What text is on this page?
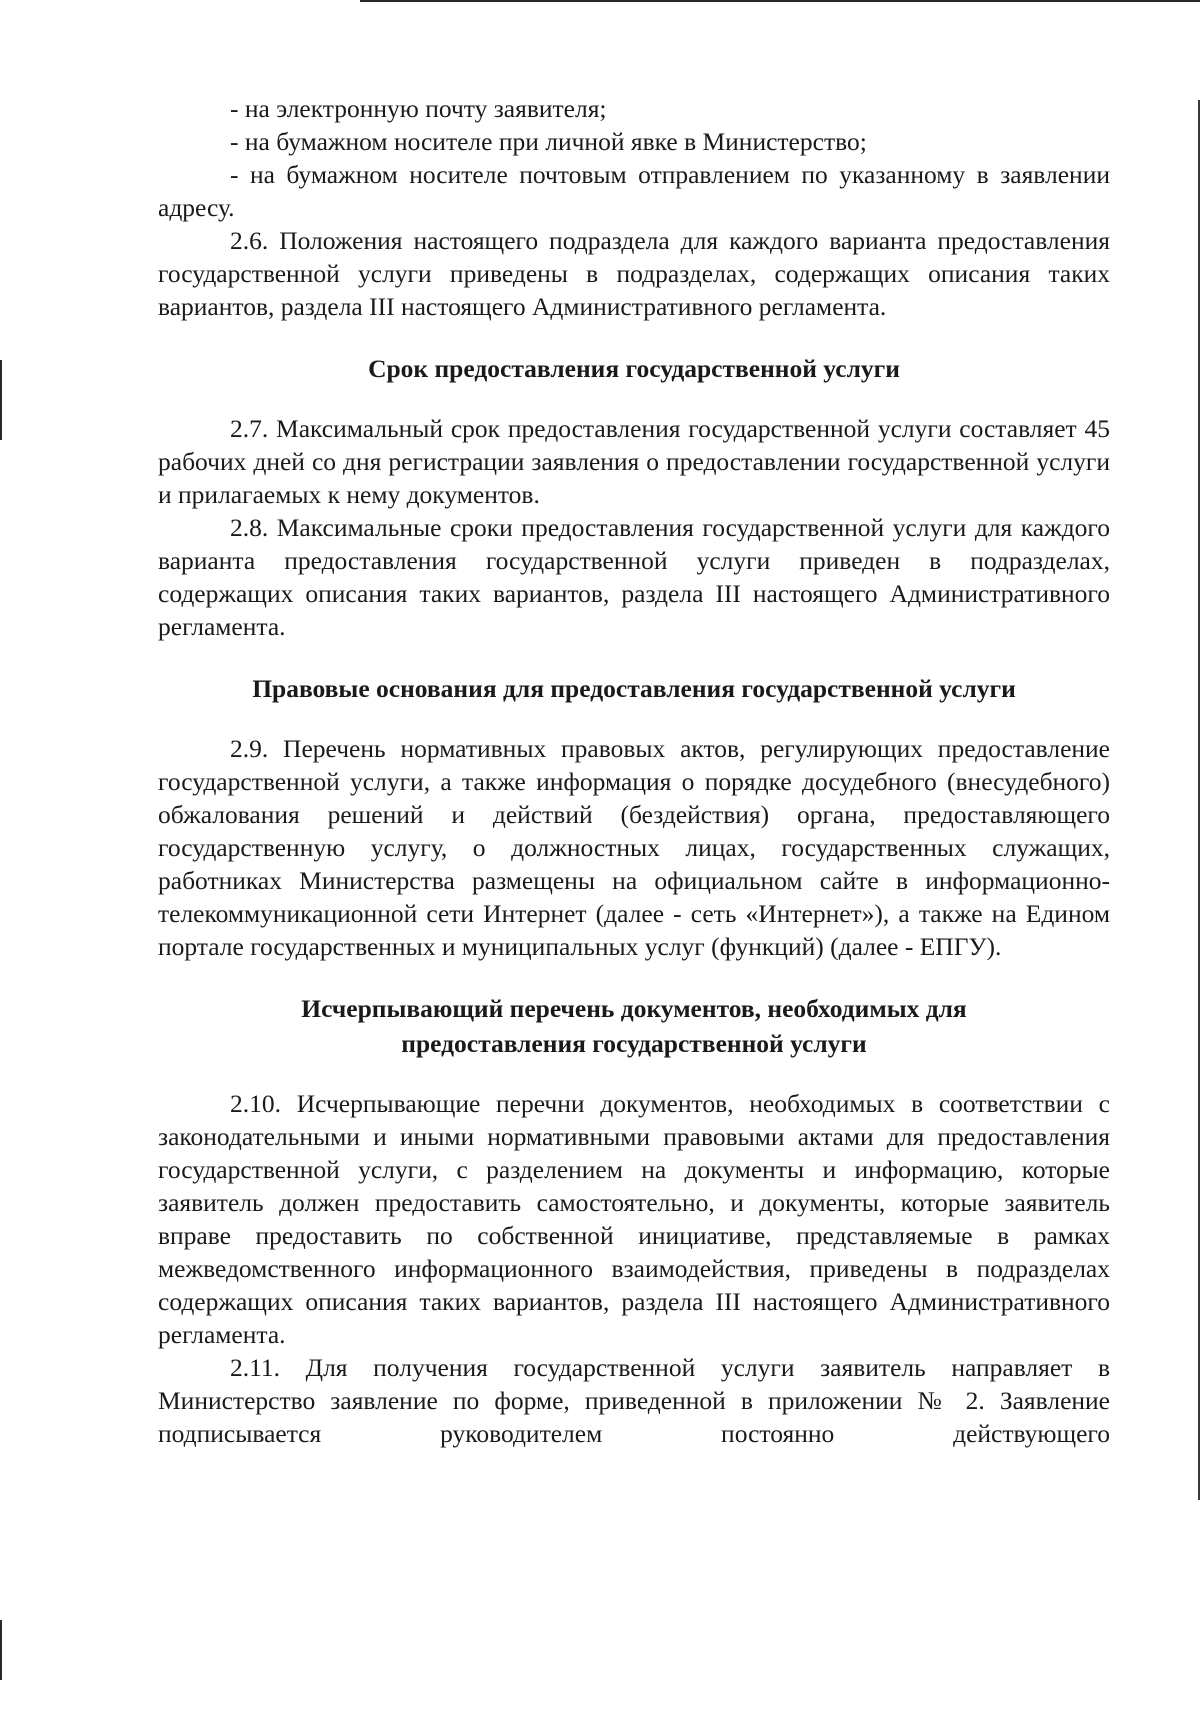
- на электронную почту заявителя;

- на бумажном носителе при личной явке в Министерство;

- на бумажном носителе почтовым отправлением по указанному в заявлении адресу.

2.6. Положения настоящего подраздела для каждого варианта предоставления государственной услуги приведены в подразделах, содержащих описания таких вариантов, раздела III настоящего Административного регламента.

Срок предоставления государственной услуги

2.7. Максимальный срок предоставления государственной услуги составляет 45 рабочих дней со дня регистрации заявления о предоставлении государственной услуги и прилагаемых к нему документов.

2.8. Максимальные сроки предоставления государственной услуги для каждого варианта предоставления государственной услуги приведен в подразделах, содержащих описания таких вариантов, раздела III настоящего Административного регламента.

Правовые основания для предоставления государственной услуги

2.9. Перечень нормативных правовых актов, регулирующих предоставление государственной услуги, а также информация о порядке досудебного (внесудебного) обжалования решений и действий (бездействия) органа, предоставляющего государственную услугу, о должностных лицах, государственных служащих, работниках Министерства размещены на официальном сайте в информационно-телекоммуникационной сети Интернет (далее - сеть «Интернет»), а также на Едином портале государственных и муниципальных услуг (функций) (далее - ЕПГУ).

Исчерпывающий перечень документов, необходимых для
предоставления государственной услуги

2.10. Исчерпывающие перечни документов, необходимых в соответствии с законодательными и иными нормативными правовыми актами для предоставления государственной услуги, с разделением на документы и информацию, которые заявитель должен предоставить самостоятельно, и документы, которые заявитель вправе предоставить по собственной инициативе, представляемые в рамках межведомственного информационного взаимодействия, приведены в подразделах содержащих описания таких вариантов, раздела III настоящего Административного регламента.

2.11. Для получения государственной услуги заявитель направляет в Министерство заявление по форме, приведенной в приложении № 2. Заявление подписывается руководителем постоянно действующего
